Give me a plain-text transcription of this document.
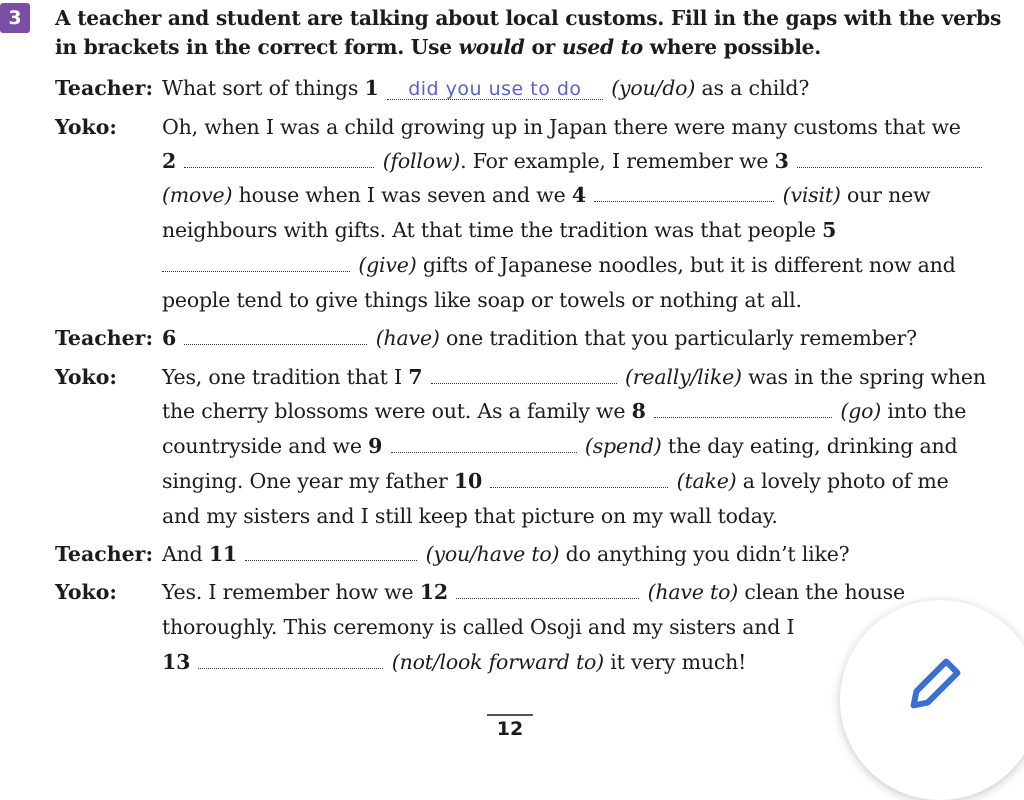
3	A teacher and student are talking about local customs. Fill in the gaps with the verbs in brackets in the correct form. Use would or used to where possible.
Teacher: What sort of things 1 did you use to do (you/do) as a child?
Yoko: Oh, when I was a child growing up in Japan there were many customs that we
2	(follow). For example, I remember we 3
(move) house when I was seven and we 4	(visit) our new
neighbours with gifts. At that time the tradition was that people 5
(give) gifts of Japanese noodles, but it is different now and
people tend to give things like soap or towels or nothing at all.
Teacher: 6	(have) one tradition that you particularly remember?
Yoko: Yes, one tradition that I 7	(really/like) was in the spring when
the cherry blossoms were out. As a family we 8	(go) into the
countryside and we 9	(spend) the day eating, drinking and
singing. One year my father 10	(take) a lovely photo of me
and my sisters and I still keep that picture on my wall today.
Teacher: And 11	(you/have to) do anything you didn’t like?
Yoko: Yes. I remember how we 12	(have to) clean the house
thoroughly. This ceremony is called Osoji and my sisters and I
13	(not/look forward to) it very much!
12
